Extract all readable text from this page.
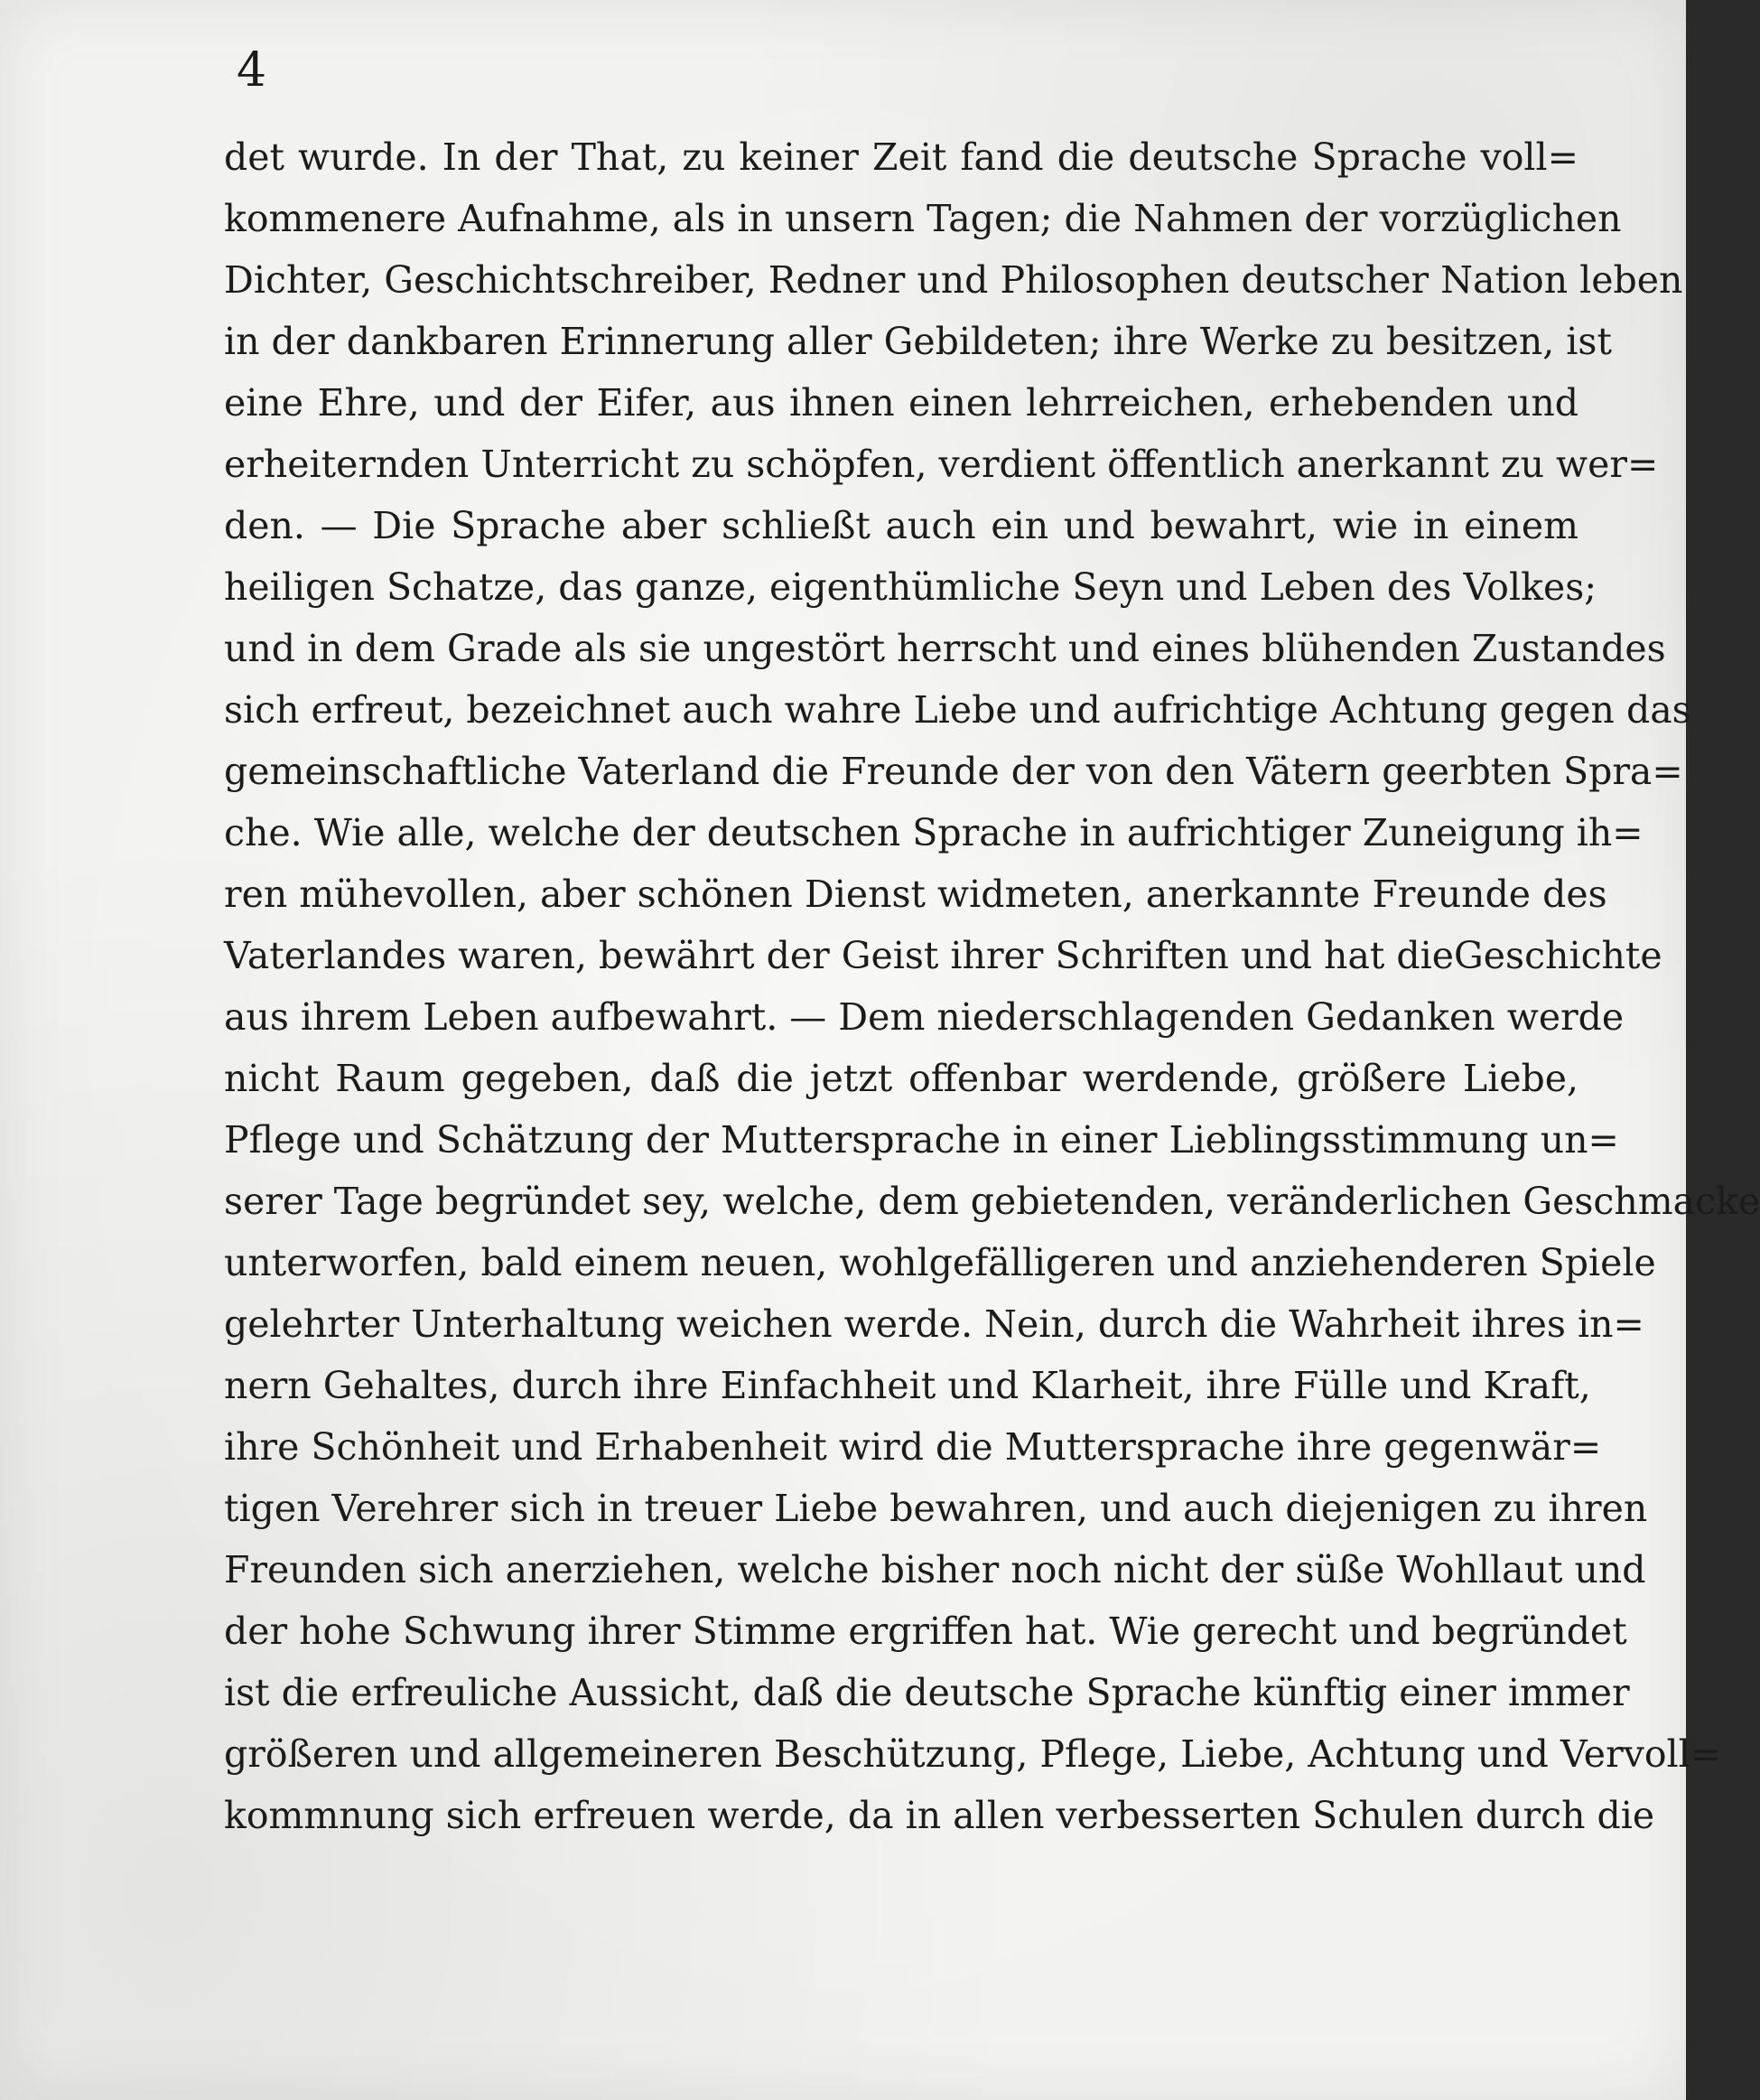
4
det wurde. In der That, zu keiner Zeit fand die deutsche Sprache voll=
kommenere Aufnahme, als in unsern Tagen; die Nahmen der vorzüglichen
Dichter, Geschichtschreiber, Redner und Philosophen deutscher Nation leben
in der dankbaren Erinnerung aller Gebildeten; ihre Werke zu besitzen, ist
eine Ehre, und der Eifer, aus ihnen einen lehrreichen, erhebenden und
erheiternden Unterricht zu schöpfen, verdient öffentlich anerkannt zu wer=
den. — Die Sprache aber schließt auch ein und bewahrt, wie in einem
heiligen Schatze, das ganze, eigenthümliche Seyn und Leben des Volkes;
und in dem Grade als sie ungestört herrscht und eines blühenden Zustandes
sich erfreut, bezeichnet auch wahre Liebe und aufrichtige Achtung gegen das
gemeinschaftliche Vaterland die Freunde der von den Vätern geerbten Spra=
che. Wie alle, welche der deutschen Sprache in aufrichtiger Zuneigung ih=
ren mühevollen, aber schönen Dienst widmeten, anerkannte Freunde des
Vaterlandes waren, bewährt der Geist ihrer Schriften und hat dieGeschichte
aus ihrem Leben aufbewahrt. — Dem niederschlagenden Gedanken werde
nicht Raum gegeben, daß die jetzt offenbar werdende, größere Liebe,
Pflege und Schätzung der Muttersprache in einer Lieblingsstimmung un=
serer Tage begründet sey, welche, dem gebietenden, veränderlichen Geschmacke
unterworfen, bald einem neuen, wohlgefälligeren und anziehenderen Spiele
gelehrter Unterhaltung weichen werde. Nein, durch die Wahrheit ihres in=
nern Gehaltes, durch ihre Einfachheit und Klarheit, ihre Fülle und Kraft,
ihre Schönheit und Erhabenheit wird die Muttersprache ihre gegenwär=
tigen Verehrer sich in treuer Liebe bewahren, und auch diejenigen zu ihren
Freunden sich anerziehen, welche bisher noch nicht der süße Wohllaut und
der hohe Schwung ihrer Stimme ergriffen hat. Wie gerecht und begründet
ist die erfreuliche Aussicht, daß die deutsche Sprache künftig einer immer
größeren und allgemeineren Beschützung, Pflege, Liebe, Achtung und Vervoll=
kommnung sich erfreuen werde, da in allen verbesserten Schulen durch die
